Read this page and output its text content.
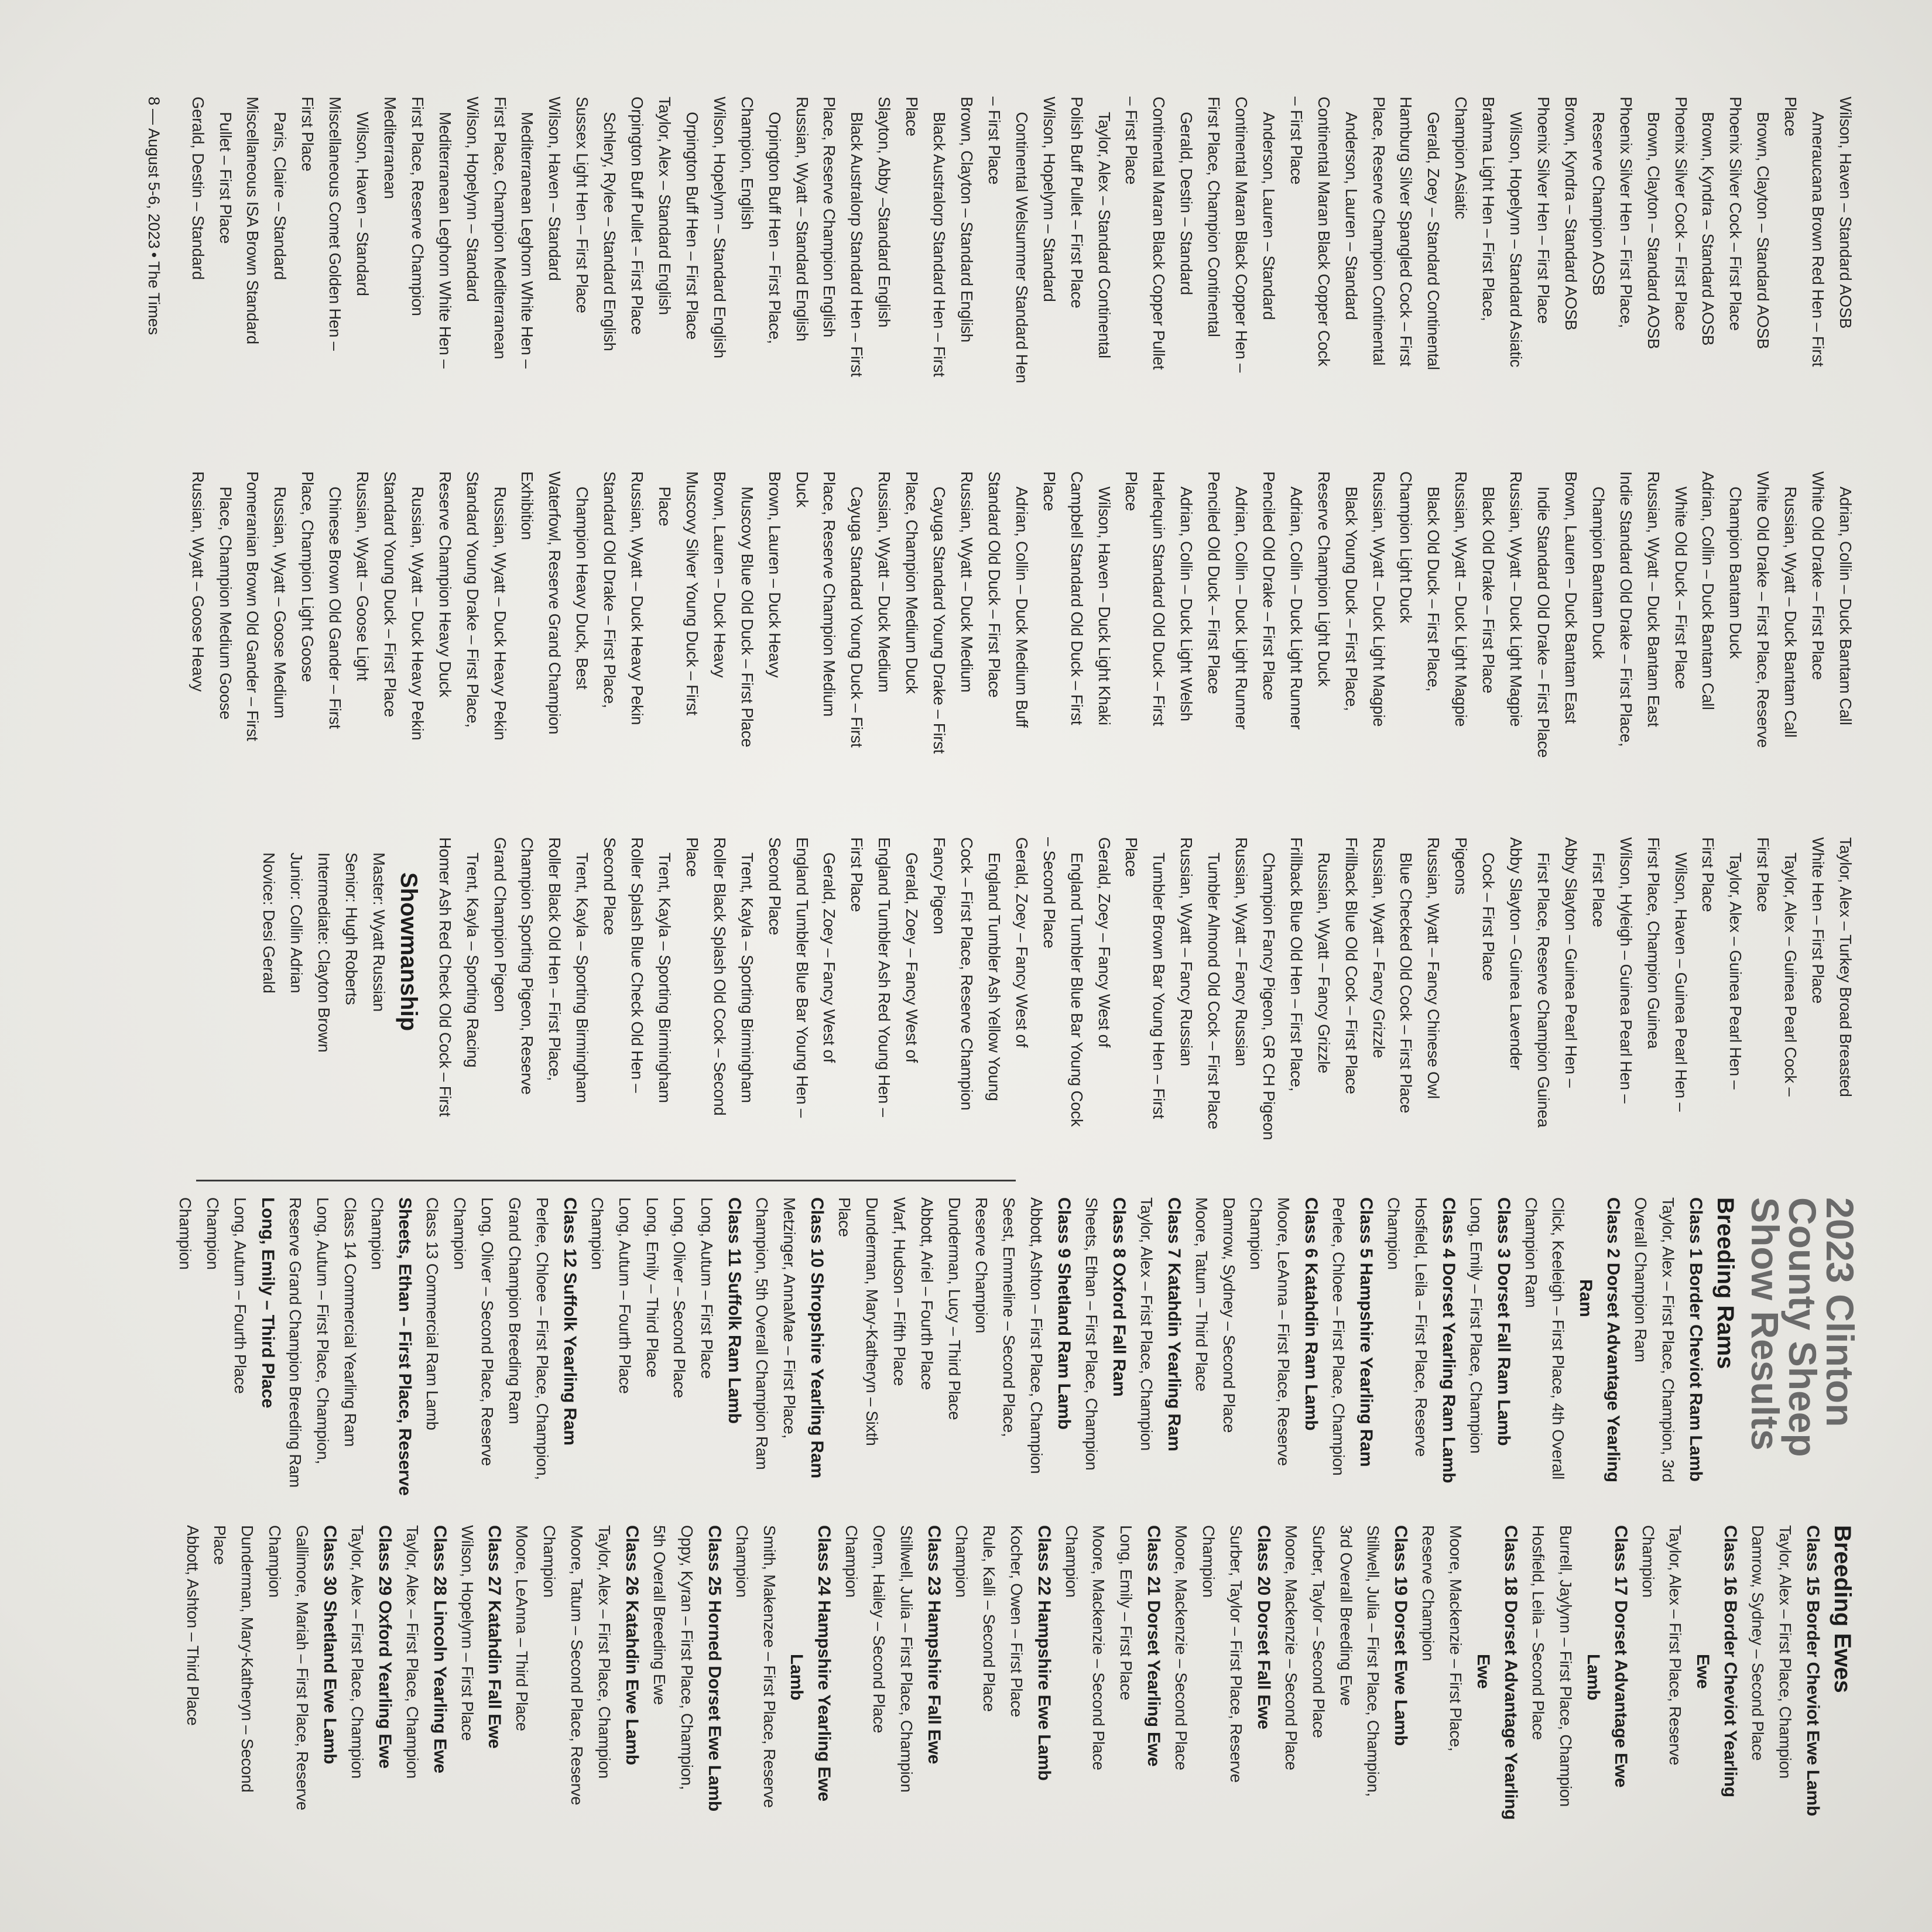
Wilson, Haven – Standard AOSB
Ameraucana Brown Red Hen – First
Place
Brown, Clayton – Standard AOSB
Phoenix Silver Cock – First Place
Brown, Kyndra – Standard AOSB
Phoenix Silver Cock – First Place
Brown, Clayton – Standard AOSB
Phoenix Silver Hen – First Place,
Reserve Champion AOSB
Brown, Kyndra – Standard AOSB
Phoenix Silver Hen – First Place
Wilson, Hopelynn – Standard Asiatic
Brahma Light Hen – First Place,
Champion Asiatic
Gerald, Zoey – Standard Continental
Hamburg Silver Spangled Cock – First
Place, Reserve Champion Continental
Anderson, Lauren – Standard
Continental Maran Black Copper Cock
– First Place
Anderson, Lauren – Standard
Continental Maran Black Copper Hen –
First Place, Champion Continental
Gerald, Destin – Standard
Continental Maran Black Copper Pullet
– First Place
Taylor, Alex – Standard Continental
Polish Buff Pullet – First Place
Wilson, Hopelynn – Standard
Continental Welsummer Standard Hen
– First Place
Brown, Clayton – Standard English
Black Australorp Standard Hen – First
Place
Slayton, Abby –Standard English
Black Australorp Standard Hen – First
Place, Reserve Champion English
Russian, Wyatt – Standard English
Orpington Buff Hen – First Place,
Champion, English
Wilson, Hopelynn – Standard English
Orpington Buff Hen – First Place
Taylor, Alex – Standard English
Orpington Buff Pullet – First Place
Schlery, Rylee – Standard English
Sussex Light Hen – First Place
Wilson, Haven – Standard
Mediterranean Leghorn White Hen –
First Place, Champion Mediterranean
Wilson, Hopelynn – Standard
Mediterranean Leghorn White Hen –
First Place, Reserve Champion
Mediterranean
Wilson, Haven – Standard
Miscellaneous Comet Golden Hen –
First Place
Paris, Claire – Standard
Miscellaneous ISA Brown Standard
Pullet – First Place
Gerald, Destin – Standard
Adrian, Collin – Duck Bantam Call
White Old Drake – First Place
Russian, Wyatt – Duck Bantam Call
White Old Drake – First Place, Reserve
Champion Bantam Duck
Adrian, Collin – Duck Bantam Call
White Old Duck – First Place
Russian, Wyatt – Duck Bantam East
Indie Standard Old Drake – First Place,
Champion Bantam Duck
Brown, Lauren – Duck Bantam East
Indie Standard Old Drake – First Place
Russian, Wyatt – Duck Light Magpie
Black Old Drake – First Place
Russian, Wyatt – Duck Light Magpie
Black Old Duck – First Place,
Champion Light Duck
Russian, Wyatt – Duck Light Magpie
Black Young Duck – First Place,
Reserve Champion Light Duck
Adrian, Collin – Duck Light Runner
Penciled Old Drake – First Place
Adrian, Collin – Duck Light Runner
Penciled Old Duck – First Place
Adrian, Collin – Duck Light Welsh
Harlequin Standard Old Duck – First
Place
Wilson, Haven – Duck Light Khaki
Campbell Standard Old Duck – First
Place
Adrian, Collin – Duck Medium Buff
Standard Old Duck – First Place
Russian, Wyatt – Duck Medium
Cayuga Standard Young Drake – First
Place, Champion Medium Duck
Russian, Wyatt – Duck Medium
Cayuga Standard Young Duck – First
Place, Reserve Champion Medium
Duck
Brown, Lauren – Duck Heavy
Muscovy Blue Old Duck – First Place
Brown, Lauren – Duck Heavy
Muscovy Silver Young Duck – First
Place
Russian, Wyatt – Duck Heavy Pekin
Standard Old Drake – First Place,
Champion Heavy Duck, Best
Waterfowl, Reserve Grand Champion
Exhibition
Russian, Wyatt – Duck Heavy Pekin
Standard Young Drake – First Place,
Reserve Champion Heavy Duck
Russian, Wyatt – Duck Heavy Pekin
Standard Young Duck – First Place
Russian, Wyatt – Goose Light
Chinese Brown Old Gander – First
Place, Champion Light Goose
Russian, Wyatt – Goose Medium
Pomeranian Brown Old Gander – First
Place, Champion Medium Goose
Russian, Wyatt – Goose Heavy
Taylor, Alex – Turkey Broad Breasted
White Hen – First Place
Taylor, Alex – Guinea Pearl Cock –
First Place
Taylor, Alex – Guinea Pearl Hen –
First Place
Wilson, Haven – Guinea Pearl Hen –
First Place, Champion Guinea
Wilson, Hyleigh – Guinea Pearl Hen –
First Place
Abby Slayton – Guinea Pearl Hen –
First Place, Reserve Champion Guinea
Abby Slayton – Guinea Lavender
Cock – First Place
Pigeons
Russian, Wyatt – Fancy Chinese Owl
Blue Checked Old Cock – First Place
Russian, Wyatt – Fancy Grizzle
Frillback Blue Old Cock – First Place
Russian, Wyatt – Fancy Grizzle
Frillback Blue Old Hen – First Place,
Champion Fancy Pigeon, GR CH Pigeon
Russian, Wyatt – Fancy Russian
Tumbler Almond Old Cock – First Place
Russian, Wyatt – Fancy Russian
Tumbler Brown Bar Young Hen – First
Place
Gerald, Zoey – Fancy West of
England Tumbler Blue Bar Young Cock
– Second Place
Gerald, Zoey – Fancy West of
England Tumbler Ash Yellow Young
Cock – First Place, Reserve Champion
Fancy Pigeon
Gerald, Zoey – Fancy West of
England Tumbler Ash Red Young Hen –
First Place
Gerald, Zoey – Fancy West of
England Tumbler Blue Bar Young Hen –
Second Place
Trent, Kayla – Sporting Birmingham
Roller Black Splash Old Cock – Second
Place
Trent, Kayla – Sporting Birmingham
Roller Splash Blue Check Old Hen –
Second Place
Trent, Kayla – Sporting Birmingham
Roller Black Old Hen – First Place,
Champion Sporting Pigeon, Reserve
Grand Champion Pigeon
Trent, Kayla – Sporting Racing
Homer Ash Red Check Old Cock – First
Showmanship
Master: Wyatt Russian
Senior: Hugh Roberts
Intermediate: Clayton Brown
Junior: Collin Adrian
Novice: Desi Gerald
2023 Clinton
County Sheep
Show Results
Breeding Rams
Class 1 Border Cheviot Ram Lamb
Taylor, Alex – First Place, Champion, 3rd
Overall Champion Ram
Class 2 Dorset Advantage Yearling
Ram
Click, Keeleigh – First Place, 4th Overall
Champion Ram
Class 3 Dorset Fall Ram Lamb
Long, Emily – First Place, Champion
Class 4 Dorset Yearling Ram Lamb
Hosfield, Leila – First Place, Reserve
Champion
Class 5 Hampshire Yearling Ram
Perlee, Chloee – First Place, Champion
Class 6 Katahdin Ram Lamb
Moore, LeAnna – First Place, Reserve
Champion
Damrow, Sydney – Second Place
Moore, Tatum – Third Place
Class 7 Katahdin Yearling Ram
Taylor, Alex – Frist Place, Champion
Class 8 Oxford Fall Ram
Sheets, Ethan – First Place, Champion
Class 9 Shetland Ram Lamb
Abbott, Ashton – First Place, Champion
Seest, Emmeline – Second Place,
Reserve Champion
Dunderman, Lucy – Third Place
Abbott, Ariel – Fourth Place
Warf, Hudson – Fifth Place
Dunderman, Mary-Katheryn – Sixth
Place
Class 10 Shropshire Yearling Ram
Metzinger, AnnaMae – First Place,
Champion, 5th Overall Champion Ram
Class 11 Suffolk Ram Lamb
Long, Autum – First Place
Long, Oliver – Second Place
Long, Emily – Third Place
Long, Autum – Fourth Place
Champion
Class 12 Suffolk Yearling Ram
Perlee, Chloee – First Place, Champion,
Grand Champion Breeding Ram
Long, Oliver – Second Place, Reserve
Champion
Class 13 Commercial Ram Lamb
Sheets, Ethan – First Place, Reserve
Champion
Class 14 Commercial Yearling Ram
Long, Autum – First Place, Champion,
Reserve Grand Champion Breeding Ram
Long, Emily – Third Place
Long, Autum – Fourth Place
Champion
Champion
Breeding Ewes
Class 15 Border Cheviot Ewe Lamb
Taylor, Alex – First Place, Champion
Damrow, Sydney – Second Place
Class 16 Border Cheviot Yearling
Ewe
Taylor, Alex – First Place, Reserve
Champion
Class 17 Dorset Advantage Ewe
Lamb
Burrell, Jaylynn – First Place, Champion
Hosfield, Leila – Second Place
Class 18 Dorset Advantage Yearling
Ewe
Moore, Mackenzie – First Place,
Reserve Champion
Class 19 Dorset Ewe Lamb
Stillwell, Julia – First Place, Champion,
3rd Overall Breeding Ewe
Surber, Taylor – Second Place
Moore, Mackenzie – Second Place
Class 20 Dorset Fall Ewe
Surber, Taylor – First Place, Reserve
Champion
Moore, Mackenzie – Second Place
Class 21 Dorset Yearling Ewe
Long, Emily – First Place
Moore, Mackenzie – Second Place
Champion
Class 22 Hampshire Ewe Lamb
Kocher, Owen – First Place
Rule, Kalli – Second Place
Champion
Class 23 Hampshire Fall Ewe
Stillwell, Julia – First Place, Champion
Orem, Hailey – Second Place
Champion
Class 24 Hampshire Yearling Ewe
Lamb
Smith, Makenzee – First Place, Reserve
Champion
Class 25 Horned Dorset Ewe Lamb
Oppy, Kyran – First Place, Champion,
5th Overall Breeding Ewe
Class 26 Katahdin Ewe Lamb
Taylor, Alex – First Place, Champion
Moore, Tatum – Second Place, Reserve
Champion
Moore, LeAnna – Third Place
Class 27 Katahdin Fall Ewe
Wilson, Hopelynn – First Place
Class 28 Lincoln Yearling Ewe
Taylor, Alex – First Place, Champion
Class 29 Oxford Yearling Ewe
Taylor, Alex – First Place, Champion
Class 30 Shetland Ewe Lamb
Gallimore, Mariah – First Place, Reserve
Champion
Dunderman, Mary-Katheryn – Second
Place
Abbott, Ashton – Third Place
8—August 5-6, 2023•The Times
